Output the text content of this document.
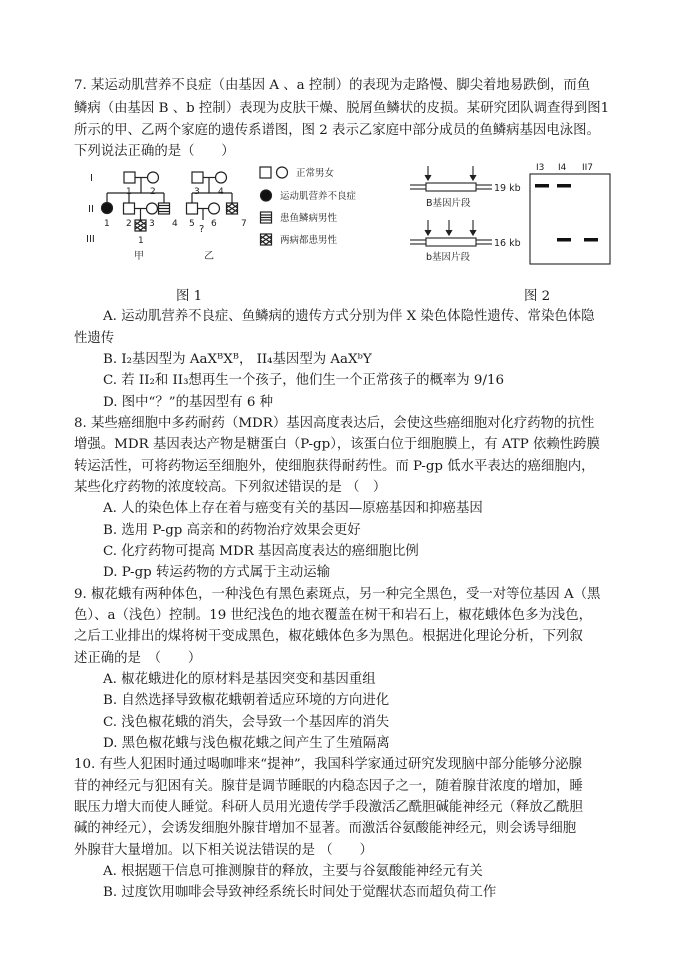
7. 某运动肌营养不良症（由基因 A 、a 控制）的表现为走路慢、脚尖着地易跌倒，而鱼
鳞病（由基因 B 、b 控制）表现为皮肤干燥、脱屑鱼鳞状的皮损。某研究团队调查得到图1
所示的甲、乙两个家庭的遗传系谱图，图 2 表示乙家庭中部分成员的鱼鳞病基因电泳图。
下列说法正确的是（　　）
I
II
III
1 2	3 4
1 2 3 4 5 6	7
1
?
甲	乙
正常男女
运动肌营养不良症
患鱼鳞病男性
两病都患男性
19 kb
16 kb
B基因片段
b基因片段
I3 I4 II7
图 1	图 2
A. 运动肌营养不良症、鱼鳞病的遗传方式分别为伴 X 染色体隐性遗传、常染色体隐
性遗传
B. I₂基因型为 AaXᴮXᴮ， II₄基因型为 AaXᵇY
C. 若 II₂和 II₃想再生一个孩子，他们生一个正常孩子的概率为 9/16
D. 图中“？”的基因型有 6 种
8. 某些癌细胞中多药耐药（MDR）基因高度表达后，会使这些癌细胞对化疗药物的抗性
增强。MDR 基因表达产物是糖蛋白（P-gp），该蛋白位于细胞膜上，有 ATP 依赖性跨膜
转运活性，可将药物运至细胞外，使细胞获得耐药性。而 P-gp 低水平表达的癌细胞内，
某些化疗药物的浓度较高。下列叙述错误的是 （　）
A. 人的染色体上存在着与癌变有关的基因—原癌基因和抑癌基因
B. 选用 P-gp 高亲和的药物治疗效果会更好
C. 化疗药物可提高 MDR 基因高度表达的癌细胞比例
D. P-gp 转运药物的方式属于主动运输
9. 椒花蛾有两种体色，一种浅色有黑色素斑点，另一种完全黑色，受一对等位基因 A（黑
色）、a（浅色）控制。19 世纪浅色的地衣覆盖在树干和岩石上，椒花蛾体色多为浅色，
之后工业排出的煤将树干变成黑色，椒花蛾体色多为黑色。根据进化理论分析，下列叙
述正确的是　（　　）
A. 椒花蛾进化的原材料是基因突变和基因重组
B. 自然选择导致椒花蛾朝着适应环境的方向进化
C. 浅色椒花蛾的消失，会导致一个基因库的消失
D. 黑色椒花蛾与浅色椒花蛾之间产生了生殖隔离
10. 有些人犯困时通过喝咖啡来“提神”，我国科学家通过研究发现脑中部分能够分泌腺
苷的神经元与犯困有关。腺苷是调节睡眠的内稳态因子之一，随着腺苷浓度的增加，睡
眠压力增大而使人睡觉。科研人员用光遗传学手段激活乙酰胆碱能神经元（释放乙酰胆
碱的神经元），会诱发细胞外腺苷增加不显著。而激活谷氨酸能神经元，则会诱导细胞
外腺苷大量增加。以下相关说法错误的是 （　　）
A. 根据题干信息可推测腺苷的释放，主要与谷氨酸能神经元有关
B. 过度饮用咖啡会导致神经系统长时间处于觉醒状态而超负荷工作
